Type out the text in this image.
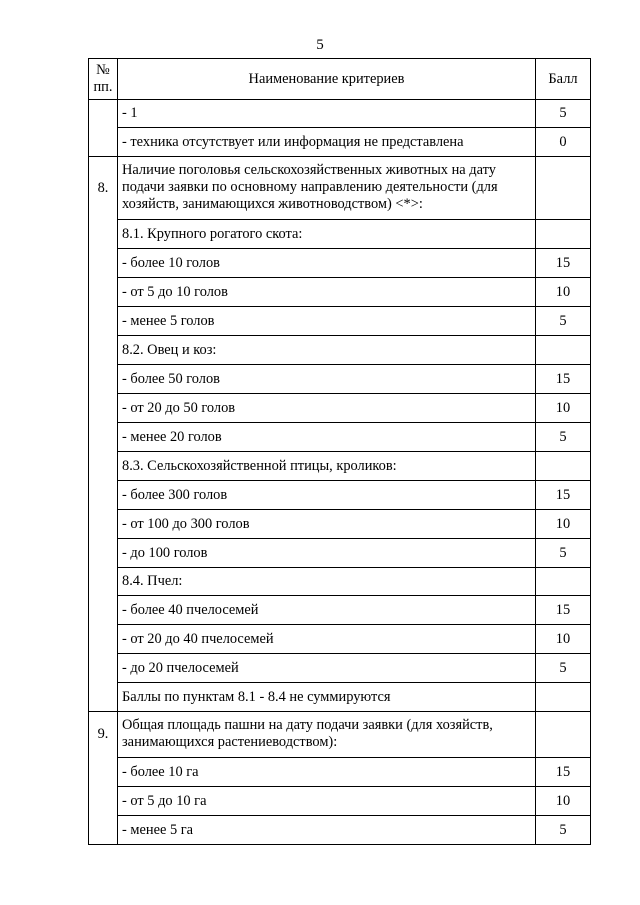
5
№
пп.	Наименование критериев	Балл
	- 1	5
	- техника отсутствует или информация не представлена	0
8.	Наличие поголовья сельскохозяйственных животных на дату подачи заявки по основному направлению деятельности (для хозяйств, занимающихся животноводством) <*>:	
	8.1. Крупного рогатого скота:	
	- более 10 голов	15
	- от 5 до 10 голов	10
	- менее 5 голов	5
	8.2. Овец и коз:	
	- более 50 голов	15
	- от 20 до 50 голов	10
	- менее 20 голов	5
	8.3. Сельскохозяйственной птицы, кроликов:	
	- более 300 голов	15
	- от 100 до 300 голов	10
	- до 100 голов	5
	8.4. Пчел:	
	- более 40 пчелосемей	15
	- от 20 до 40 пчелосемей	10
	- до 20 пчелосемей	5
	Баллы по пунктам 8.1 - 8.4 не суммируются	
9.	Общая площадь пашни на дату подачи заявки (для хозяйств, занимающихся растениеводством):	
	- более 10 га	15
	- от 5 до 10 га	10
	- менее 5 га	5
